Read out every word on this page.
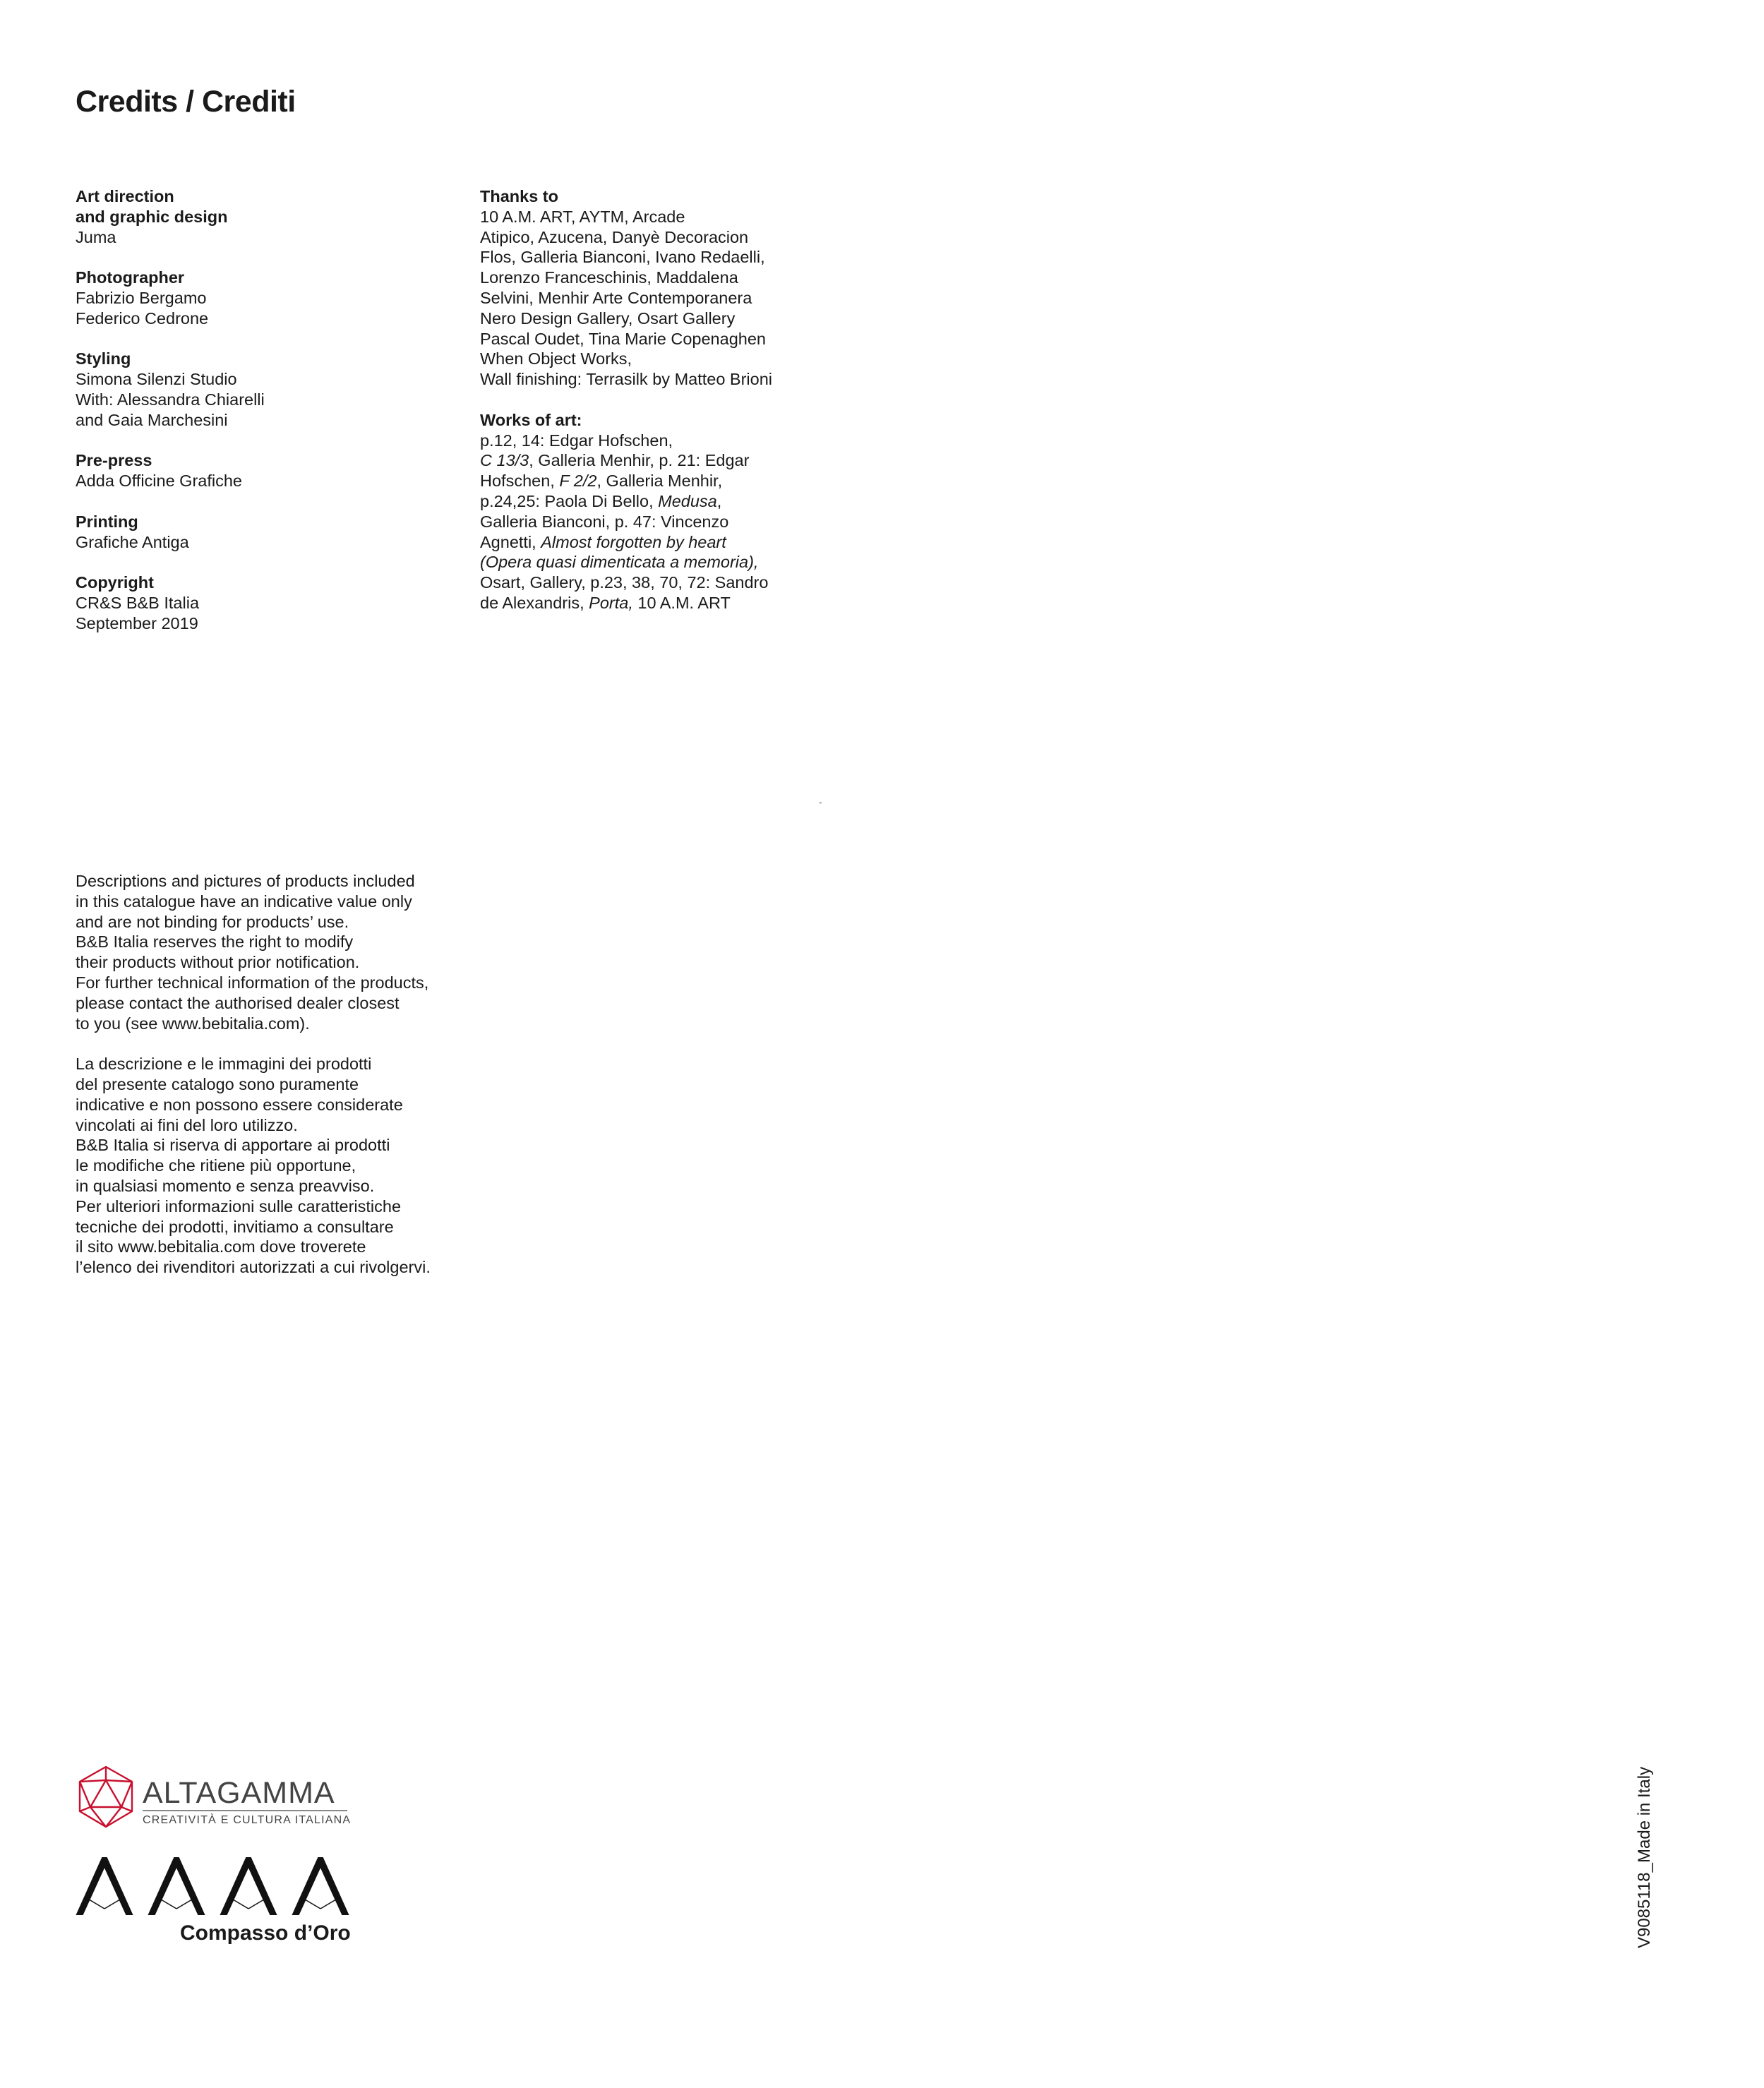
Credits / Crediti
Art direction
and graphic design
Juma
Photographer
Fabrizio Bergamo
Federico Cedrone
Styling
Simona Silenzi Studio
With: Alessandra Chiarelli
and Gaia Marchesini
Pre-press
Adda Officine Grafiche
Printing
Grafiche Antiga
Copyright
CR&S B&B Italia
September 2019
Thanks to
10 A.M. ART, AYTM, Arcade
Atipico, Azucena, Danyè Decoracion
Flos, Galleria Bianconi, Ivano Redaelli,
Lorenzo Franceschinis, Maddalena
Selvini, Menhir Arte Contemporanera
Nero Design Gallery, Osart Gallery
Pascal Oudet, Tina Marie Copenaghen
When Object Works,
Wall finishing: Terrasilk by Matteo Brioni
Works of art:
p.12, 14: Edgar Hofschen,
C 13/3, Galleria Menhir, p. 21: Edgar
Hofschen, F 2/2, Galleria Menhir,
p.24,25: Paola Di Bello, Medusa,
Galleria Bianconi, p. 47: Vincenzo
Agnetti, Almost forgotten by heart
(Opera quasi dimenticata a memoria),
Osart, Gallery, p.23, 38, 70, 72: Sandro
de Alexandris, Porta, 10 A.M. ART
-
Descriptions and pictures of products included
in this catalogue have an indicative value only
and are not binding for products’ use.
B&B Italia reserves the right to modify
their products without prior notification.
For further technical information of the products,
please contact the authorised dealer closest
to you (see www.bebitalia.com).
La descrizione e le immagini dei prodotti
del presente catalogo sono puramente
indicative e non possono essere considerate
vincolati ai fini del loro utilizzo.
B&B Italia si riserva di apportare ai prodotti
le modifiche che ritiene più opportune,
in qualsiasi momento e senza preavviso.
Per ulteriori informazioni sulle caratteristiche
tecniche dei prodotti, invitiamo a consultare
il sito www.bebitalia.com dove troverete
l’elenco dei rivenditori autorizzati a cui rivolgervi.
ALTAGAMMA
CREATIVITÀ E CULTURA ITALIANA
Compasso d’Oro	V9085118_Made in Italy
